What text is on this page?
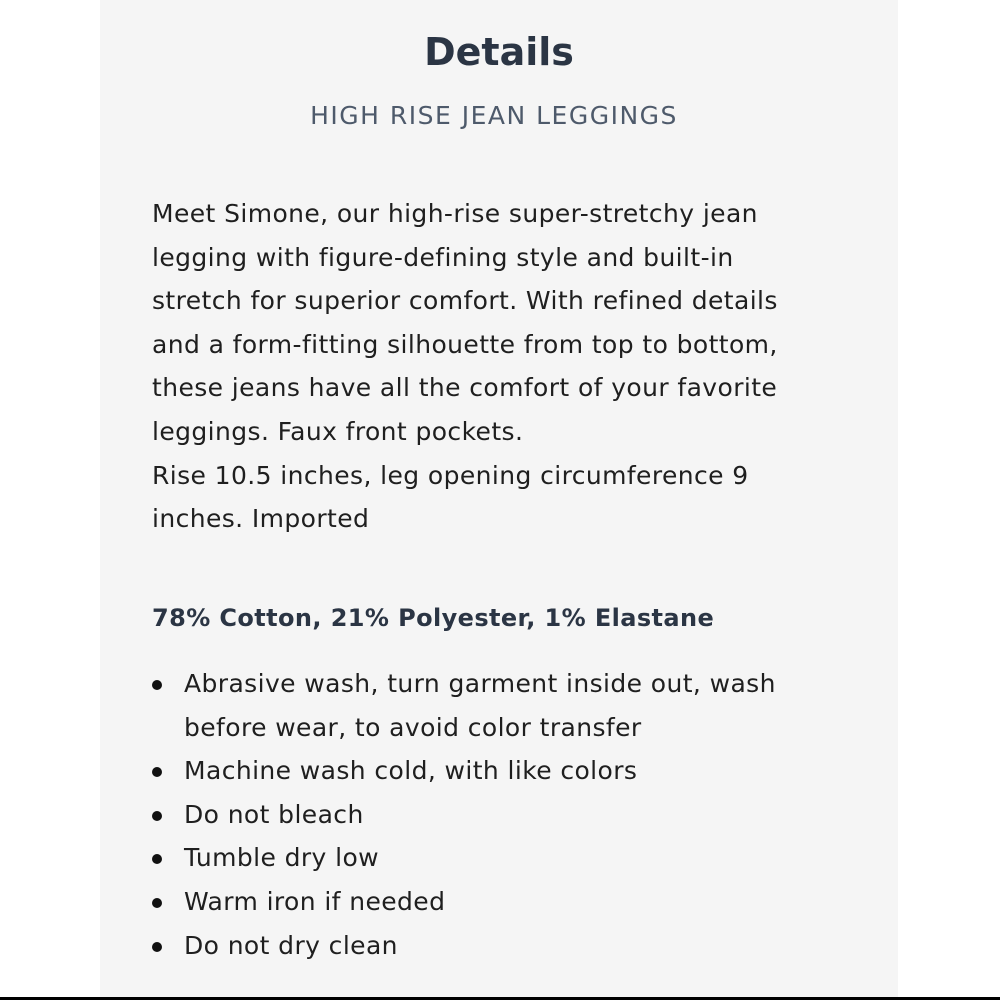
Details
HIGH RISE JEAN LEGGINGS

Meet Simone, our high-rise super-stretchy jean
legging with figure-defining style and built-in
stretch for superior comfort. With refined details
and a form-fitting silhouette from top to bottom,
these jeans have all the comfort of your favorite
leggings. Faux front pockets.
Rise 10.5 inches, leg opening circumference 9
inches. Imported

78% Cotton, 21% Polyester, 1% Elastane
Abrasive wash, turn garment inside out, wash
before wear, to avoid color transfer
Machine wash cold, with like colors
Do not bleach
Tumble dry low
Warm iron if needed
Do not dry clean
